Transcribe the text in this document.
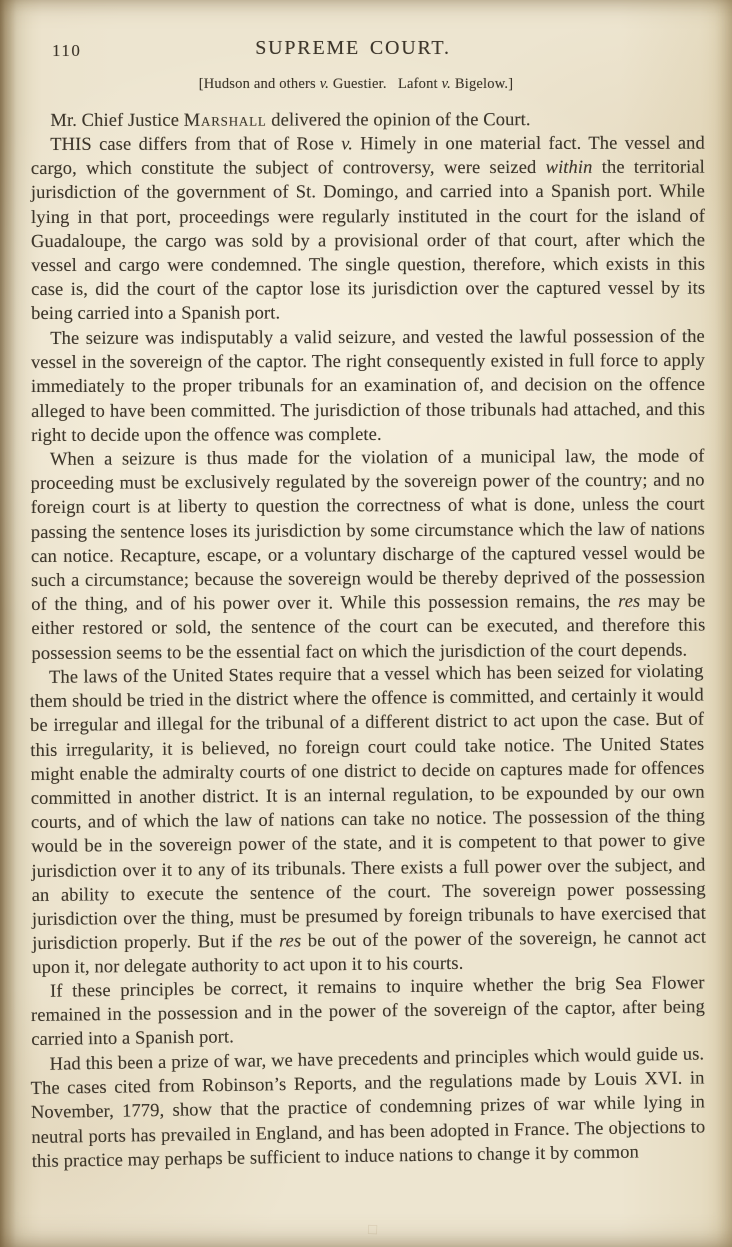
110	SUPREME COURT.
[Hudson and others v. Guestier.  Lafont v. Bigelow.]

Mr. Chief Justice Marshall delivered the opinion of the Court.

THIS case differs from that of Rose v. Himely in one material fact. The vessel and cargo, which constitute the subject of controversy, were seized within the territorial jurisdiction of the government of St. Domingo, and carried into a Spanish port. While lying in that port, proceedings were regularly instituted in the court for the island of Guadaloupe, the cargo was sold by a provisional order of that court, after which the vessel and cargo were condemned. The single question, therefore, which exists in this case is, did the court of the captor lose its jurisdiction over the captured vessel by its being carried into a Spanish port.

The seizure was indisputably a valid seizure, and vested the lawful possession of the vessel in the sovereign of the captor. The right consequently existed in full force to apply immediately to the proper tribunals for an examination of, and decision on the offence alleged to have been committed. The jurisdiction of those tribunals had attached, and this right to decide upon the offence was complete.

When a seizure is thus made for the violation of a municipal law, the mode of proceeding must be exclusively regulated by the sovereign power of the country; and no foreign court is at liberty to question the correctness of what is done, unless the court passing the sentence loses its jurisdiction by some circumstance which the law of nations can notice. Recapture, escape, or a voluntary discharge of the captured vessel would be such a circumstance; because the sovereign would be thereby deprived of the possession of the thing, and of his power over it. While this possession remains, the res may be either restored or sold, the sentence of the court can be executed, and therefore this possession seems to be the essential fact on which the jurisdiction of the court depends.

The laws of the United States require that a vessel which has been seized for violating them should be tried in the district where the offence is committed, and certainly it would be irregular and illegal for the tribunal of a different district to act upon the case. But of this irregularity, it is believed, no foreign court could take notice. The United States might enable the admiralty courts of one district to decide on captures made for offences committed in another district. It is an internal regulation, to be expounded by our own courts, and of which the law of nations can take no notice. The possession of the thing would be in the sovereign power of the state, and it is competent to that power to give jurisdiction over it to any of its tribunals. There exists a full power over the subject, and an ability to execute the sentence of the court. The sovereign power possessing jurisdiction over the thing, must be presumed by foreign tribunals to have exercised that jurisdiction properly. But if the res be out of the power of the sovereign, he cannot act upon it, nor delegate authority to act upon it to his courts.

If these principles be correct, it remains to inquire whether the brig Sea Flower remained in the possession and in the power of the sovereign of the captor, after being carried into a Spanish port.

Had this been a prize of war, we have precedents and principles which would guide us. The cases cited from Robinson’s Reports, and the regulations made by Louis XVI. in November, 1779, show that the practice of condemning prizes of war while lying in neutral ports has prevailed in England, and has been adopted in France. The objections to this practice may perhaps be sufficient to induce nations to change it by common

□
